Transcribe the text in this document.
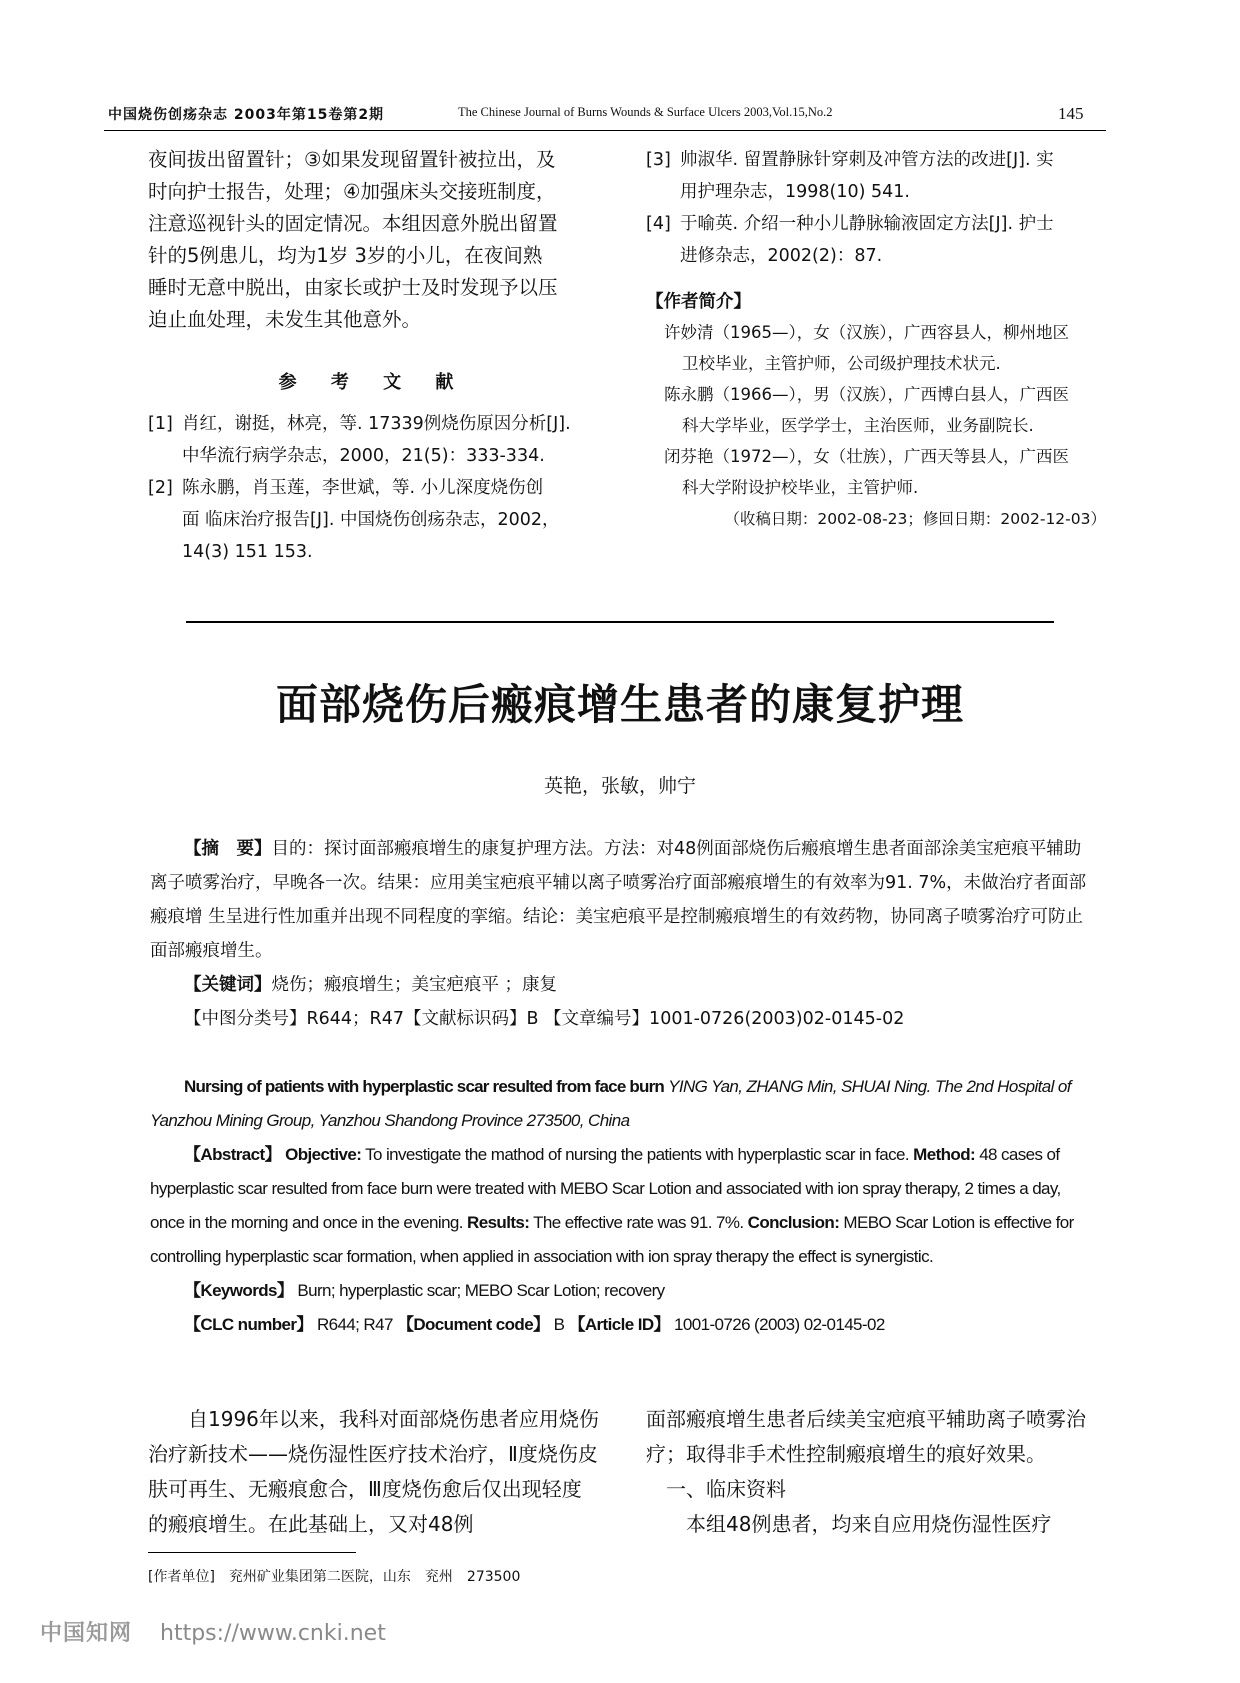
中国烧伤创疡杂志 2003年第15卷第2期	The Chinese Journal of Burns Wounds & Surface Ulcers 2003,Vol.15,No.2	145
夜间拔出留置针；③如果发现留置针被拉出，及
时向护士报告，处理；④加强床头交接班制度，
注意巡视针头的固定情况。本组因意外脱出留置
针的5例患儿，均为1岁 3岁的小儿，在夜间熟
睡时无意中脱出，由家长或护士及时发现予以压
迫止血处理，未发生其他意外。
参 考 文 献
[1] 肖红，谢挺，林亮，等. 17339例烧伤原因分析[J].
中华流行病学杂志，2000，21(5)：333-334.
[2] 陈永鹏，肖玉莲，李世斌，等. 小儿深度烧伤创
面 临床治疗报告[J]. 中国烧伤创疡杂志，2002，
14(3) 151 153.
[3] 帅淑华. 留置静脉针穿刺及冲管方法的改进[J]. 实
用护理杂志，1998(10) 541.
[4] 于喻英. 介绍一种小儿静脉输液固定方法[J]. 护士
进修杂志，2002(2)：87.
【作者简介】
许妙清（1965—），女（汉族），广西容县人，柳州地区
卫校毕业，主管护师，公司级护理技术状元.
陈永鹏（1966—），男（汉族），广西博白县人，广西医
科大学毕业，医学学士，主治医师，业务副院长.
闭芬艳（1972—），女（壮族），广西天等县人，广西医
科大学附设护校毕业，主管护师.
（收稿日期：2002-08-23；修回日期：2002-12-03）
面部烧伤后瘢痕增生患者的康复护理
英艳，张敏，帅宁
【摘　要】目的：探讨面部瘢痕增生的康复护理方法。方法：对48例面部烧伤后瘢痕增生患者面部涂美宝疤痕平辅助离子喷雾治疗，早晚各一次。结果：应用美宝疤痕平辅以离子喷雾治疗面部瘢痕增生的有效率为91. 7%，未做治疗者面部瘢痕增 生呈进行性加重并出现不同程度的挛缩。结论：美宝疤痕平是控制瘢痕增生的有效药物，协同离子喷雾治疗可防止面部瘢痕增生。
【关键词】烧伤；瘢痕增生；美宝疤痕平 ；康复
【中图分类号】R644；R47【文献标识码】B 【文章编号】1001-0726(2003)02-0145-02
Nursing of patients with hyperplastic scar resulted from face burn YING Yan, ZHANG Min, SHUAI Ning. The 2nd Hospital of Yanzhou Mining Group, Yanzhou Shandong Province 273500, China
【Abstract】 Objective: To investigate the mathod of nursing the patients with hyperplastic scar in face. Method: 48 cases of hyperplastic scar resulted from face burn were treated with MEBO Scar Lotion and associated with ion spray therapy, 2 times a day, once in the morning and once in the evening. Results: The effective rate was 91. 7%. Conclusion: MEBO Scar Lotion is effective for controlling hyperplastic scar formation, when applied in association with ion spray therapy the effect is synergistic.
【Keywords】 Burn; hyperplastic scar; MEBO Scar Lotion; recovery
【CLC number】 R644; R47 【Document code】 B 【Article ID】 1001-0726 (2003) 02-0145-02
自1996年以来，我科对面部烧伤患者应用烧伤治疗新技术——烧伤湿性医疗技术治疗，Ⅱ度烧伤皮肤可再生、无瘢痕愈合，Ⅲ度烧伤愈后仅出现轻度的瘢痕增生。在此基础上，又对48例
面部瘢痕增生患者后续美宝疤痕平辅助离子喷雾治疗；取得非手术性控制瘢痕增生的痕好效果。
一、临床资料
本组48例患者，均来自应用烧伤湿性医疗
[作者单位]　兖州矿业集团第二医院，山东　兖州　273500
中国知网 https://www.cnki.net
